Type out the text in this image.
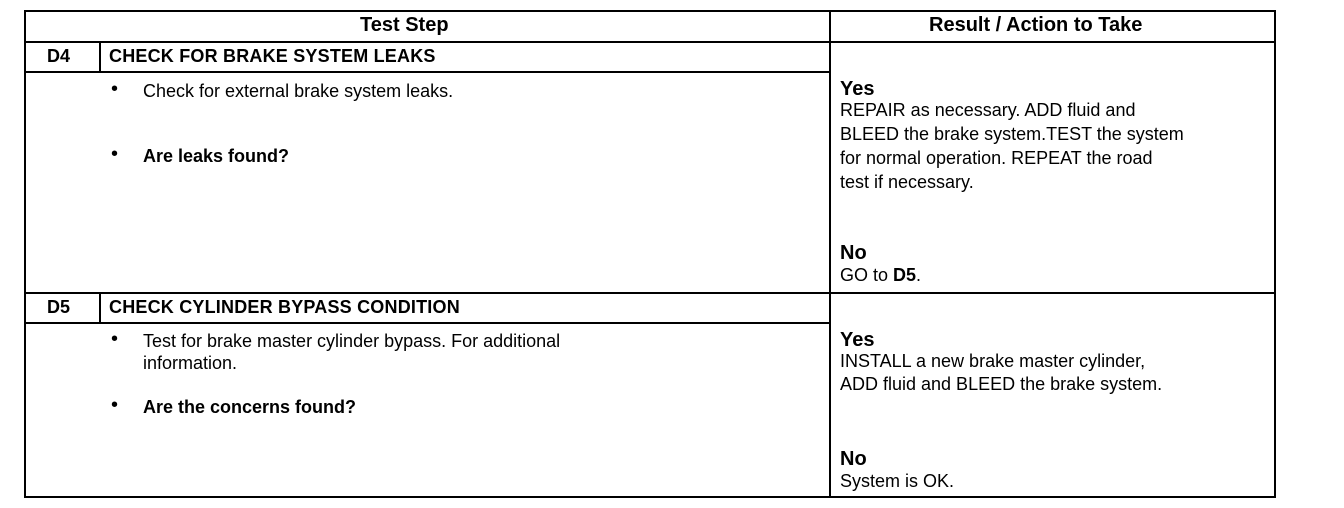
Test Step	Result / Action to Take
D4 CHECK FOR BRAKE SYSTEM LEAKS
• Check for external brake system leaks.
• Are leaks found?
Yes
REPAIR as necessary. ADD fluid and
BLEED the brake system.TEST the system
for normal operation. REPEAT the road
test if necessary.
No
GO to D5.
D5 CHECK CYLINDER BYPASS CONDITION
• Test for brake master cylinder bypass. For additional
information.
• Are the concerns found?
Yes
INSTALL a new brake master cylinder,
ADD fluid and BLEED the brake system.
No
System is OK.
